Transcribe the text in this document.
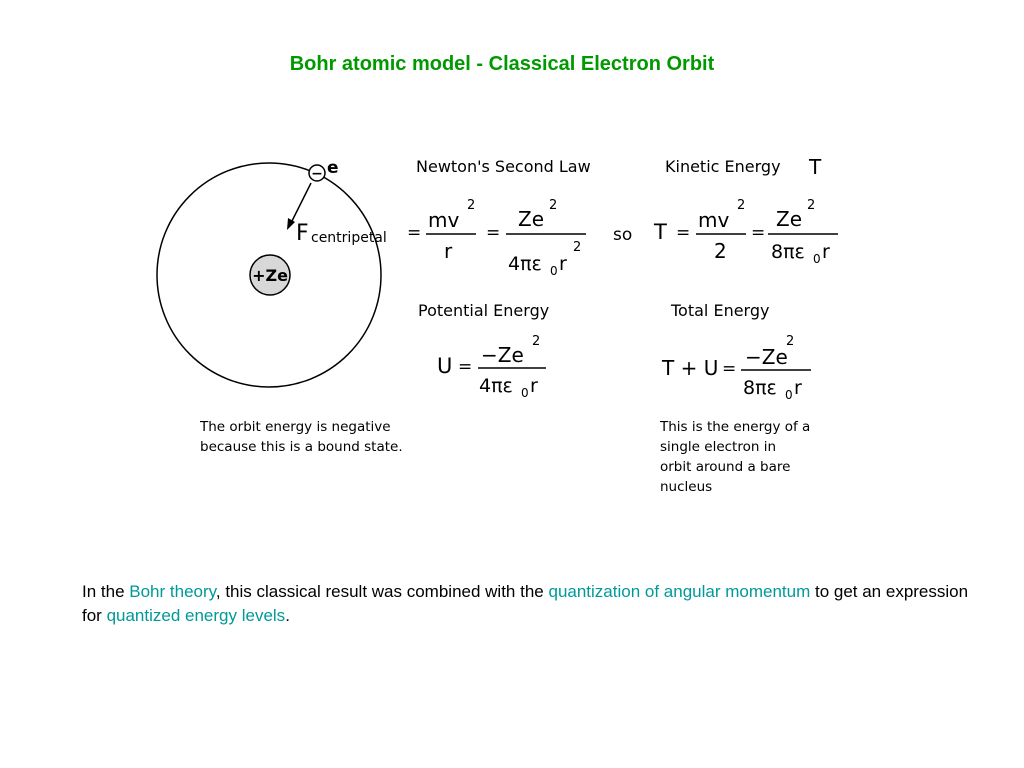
Bohr atomic model - Classical Electron Orbit
+Ze
− e
F centripetal =
Newton's Second Law
mv
2
r
=
Ze
2
4πε 0 r
2
so
Kinetic Energy T
T =
mv
2
2
=
Ze
2
8πε 0 r
Potential Energy
U = −Ze
2
4πε 0 r
Total Energy
T + U = −Ze
2
8πε 0 r
The orbit energy is negative
because this is a bound state.
This is the energy of a
single electron in
orbit around a bare
nucleus
In the Bohr theory, this classical result was combined with the quantization of angular momentum to get an expression for quantized energy levels.
